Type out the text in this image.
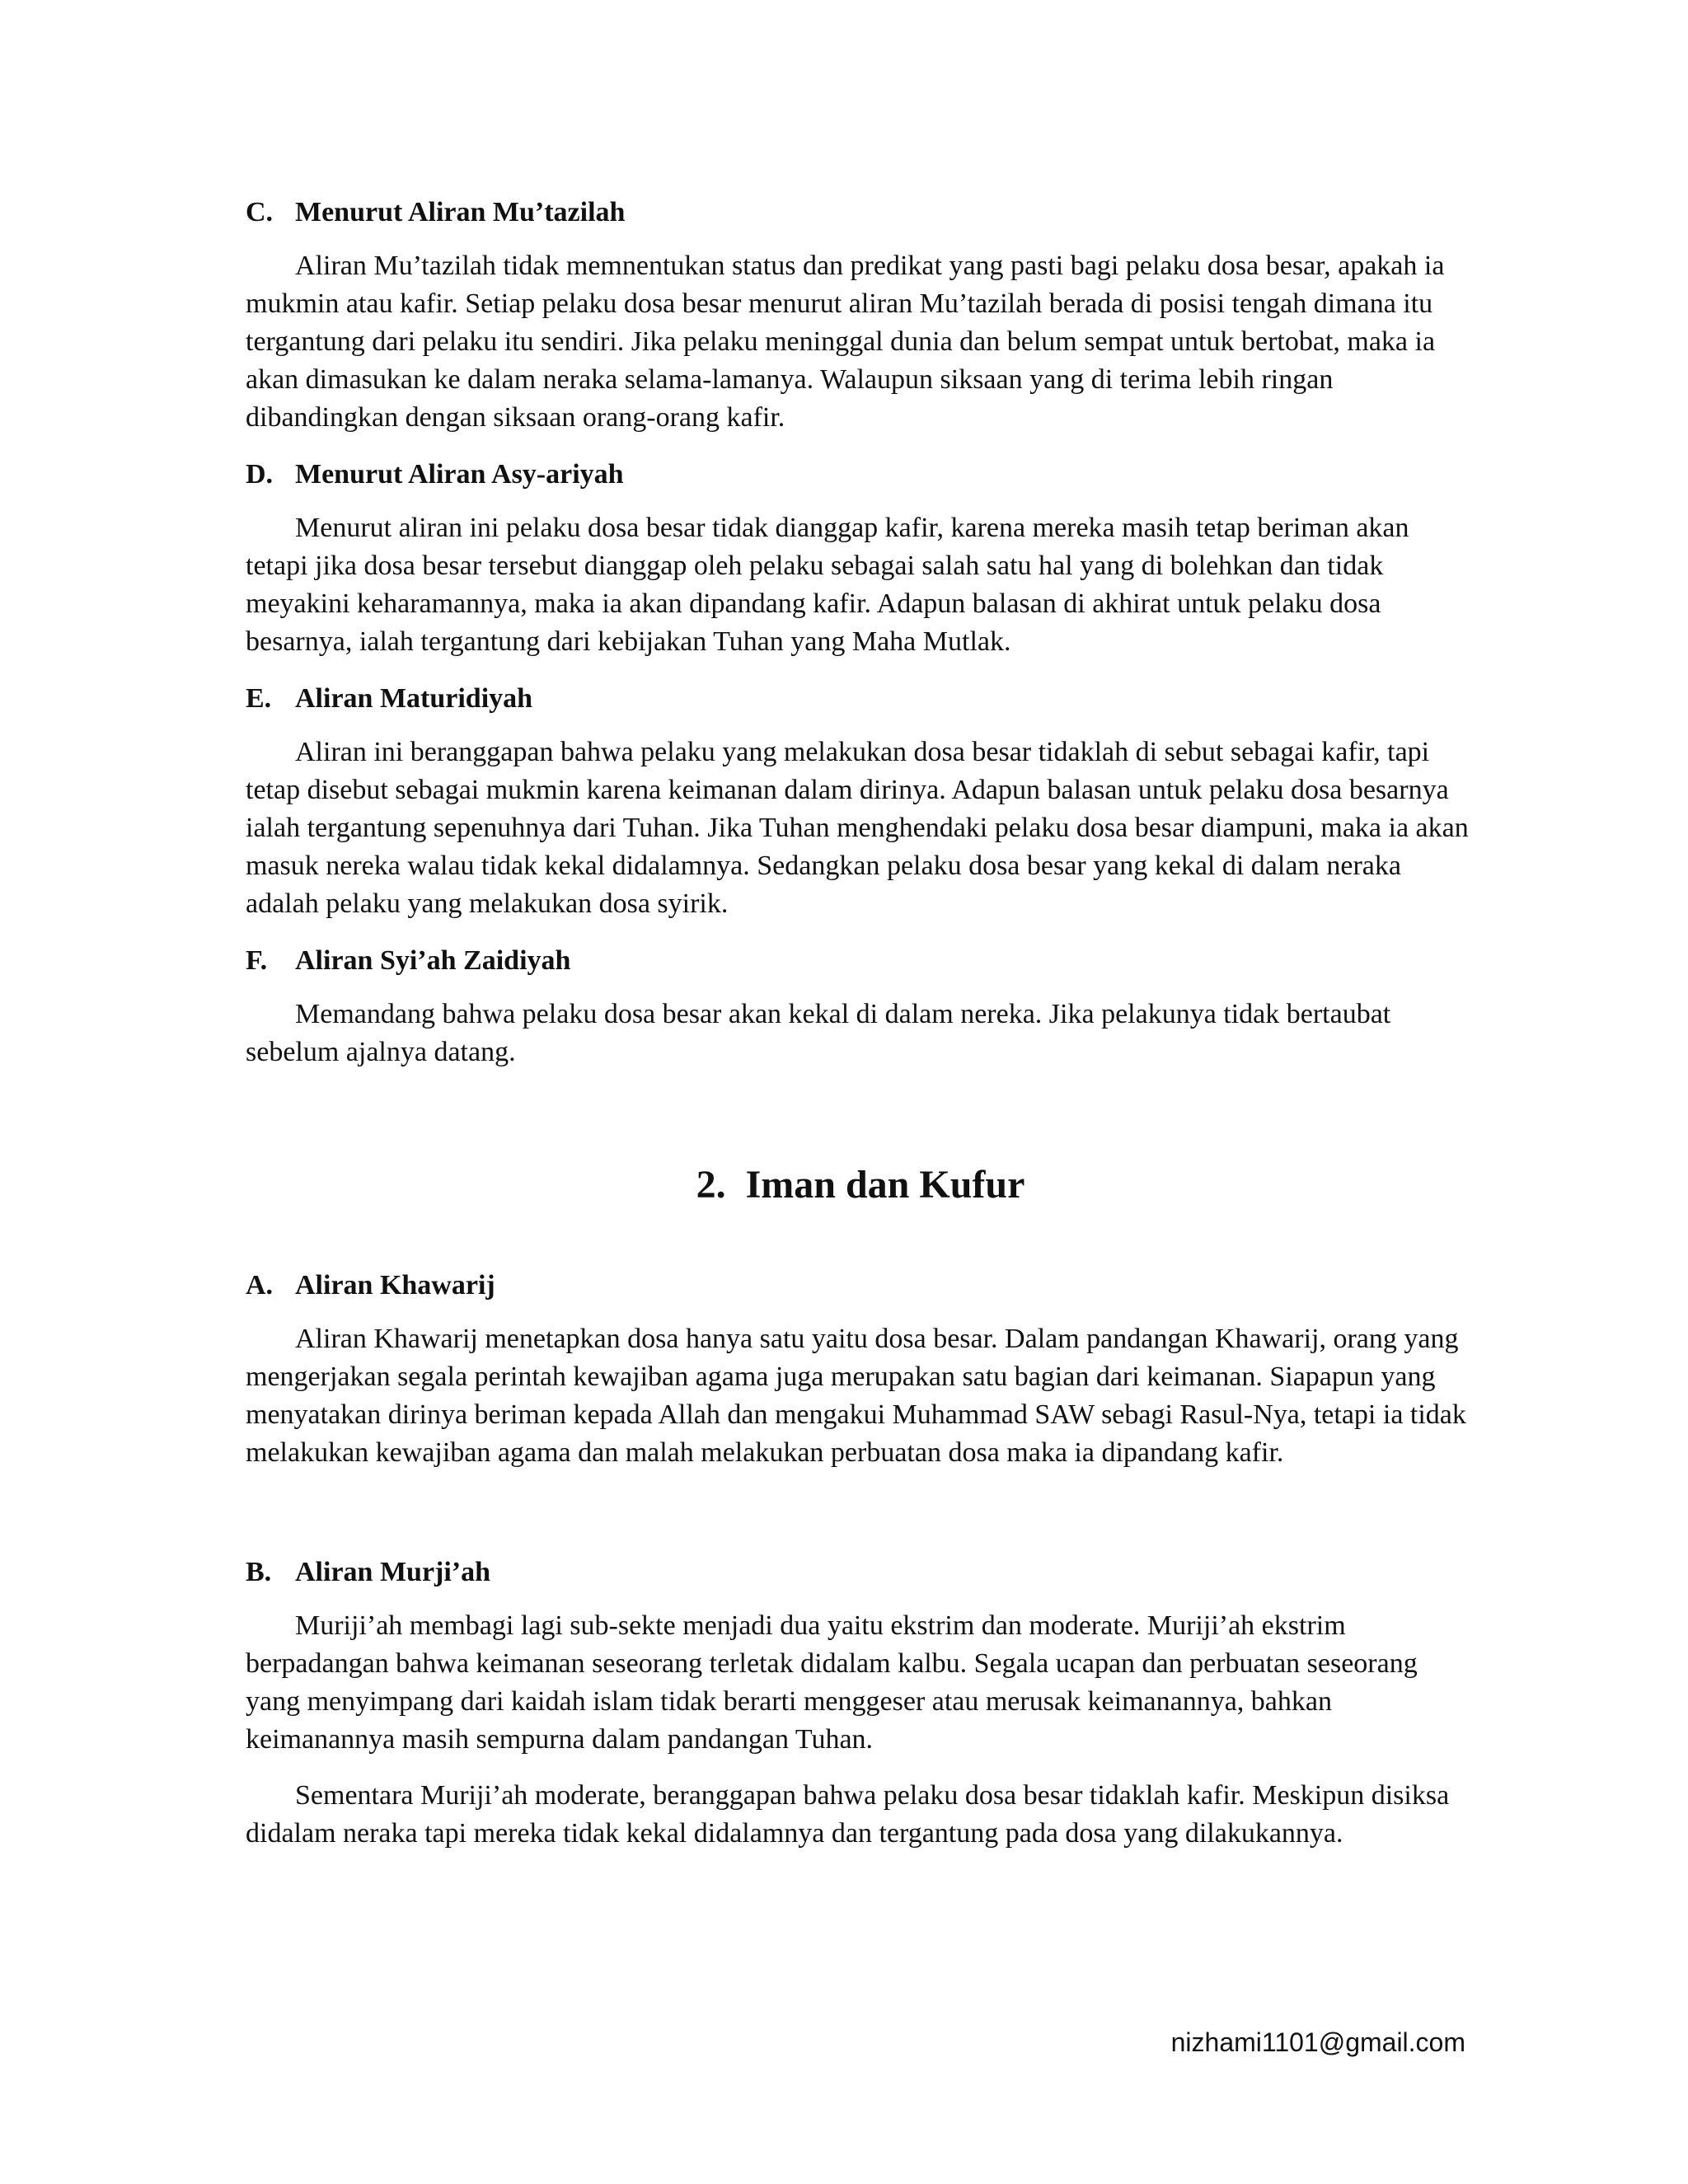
C. Menurut Aliran Mu’tazilah

Aliran Mu’tazilah tidak memnentukan status dan predikat yang pasti bagi pelaku dosa besar, apakah ia mukmin atau kafir. Setiap pelaku dosa besar menurut aliran Mu’tazilah berada di posisi tengah dimana itu tergantung dari pelaku itu sendiri. Jika pelaku meninggal dunia dan belum sempat untuk bertobat, maka ia akan dimasukan ke dalam neraka selama-lamanya. Walaupun siksaan yang di terima lebih ringan dibandingkan dengan siksaan orang-orang kafir.

D. Menurut Aliran Asy-ariyah

Menurut aliran ini pelaku dosa besar tidak dianggap kafir, karena mereka masih tetap beriman akan tetapi jika dosa besar tersebut dianggap oleh pelaku sebagai salah satu hal yang di bolehkan dan tidak meyakini keharamannya, maka ia akan dipandang kafir. Adapun balasan di akhirat untuk pelaku dosa besarnya, ialah tergantung dari kebijakan Tuhan yang Maha Mutlak.

E. Aliran Maturidiyah

Aliran ini beranggapan bahwa pelaku yang melakukan dosa besar tidaklah di sebut sebagai kafir, tapi tetap disebut sebagai mukmin karena keimanan dalam dirinya. Adapun balasan untuk pelaku dosa besarnya ialah tergantung sepenuhnya dari Tuhan. Jika Tuhan menghendaki pelaku dosa besar diampuni, maka ia akan masuk nereka walau tidak kekal didalamnya. Sedangkan pelaku dosa besar yang kekal di dalam neraka adalah pelaku yang melakukan dosa syirik.

F. Aliran Syi’ah Zaidiyah

Memandang bahwa pelaku dosa besar akan kekal di dalam nereka. Jika pelakunya tidak bertaubat sebelum ajalnya datang.

2. Iman dan Kufur
A. Aliran Khawarij

Aliran Khawarij menetapkan dosa hanya satu yaitu dosa besar. Dalam pandangan Khawarij, orang yang mengerjakan segala perintah kewajiban agama juga merupakan satu bagian dari keimanan. Siapapun yang menyatakan dirinya beriman kepada Allah dan mengakui Muhammad SAW sebagi Rasul-Nya, tetapi ia tidak melakukan kewajiban agama dan malah melakukan perbuatan dosa maka ia dipandang kafir.

B. Aliran Murji’ah

Muriji’ah membagi lagi sub-sekte menjadi dua yaitu ekstrim dan moderate. Muriji’ah ekstrim berpadangan bahwa keimanan seseorang terletak didalam kalbu. Segala ucapan dan perbuatan seseorang yang menyimpang dari kaidah islam tidak berarti menggeser atau merusak keimanannya, bahkan keimanannya masih sempurna dalam pandangan Tuhan.

Sementara Muriji’ah moderate, beranggapan bahwa pelaku dosa besar tidaklah kafir. Meskipun disiksa didalam neraka tapi mereka tidak kekal didalamnya dan tergantung pada dosa yang dilakukannya.

nizhami1101@gmail.com
